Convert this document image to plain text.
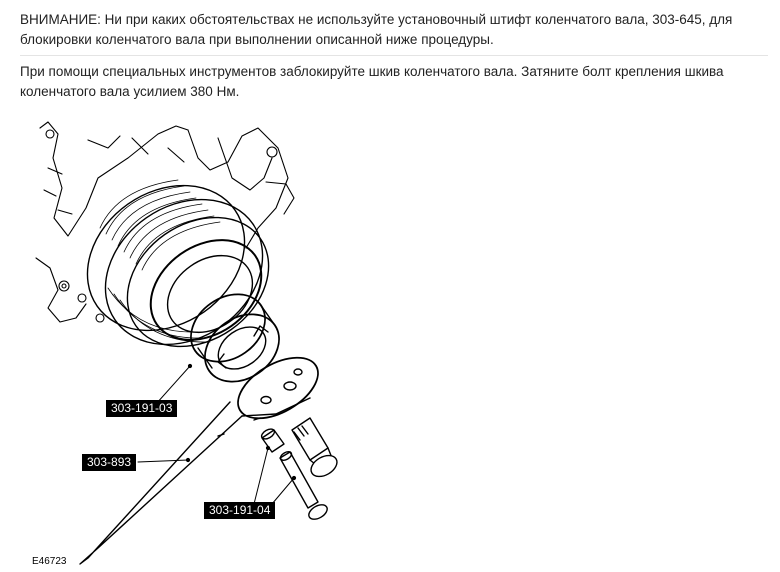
ВНИМАНИЕ: Ни при каких обстоятельствах не используйте установочный штифт коленчатого вала, 303-645, для блокировки коленчатого вала при выполнении описанной ниже процедуры.

При помощи специальных инструментов заблокируйте шкив коленчатого вала. Затяните болт крепления шкива коленчатого вала усилием 380 Нм.

303-191-03
303-893
303-191-04
E46723
